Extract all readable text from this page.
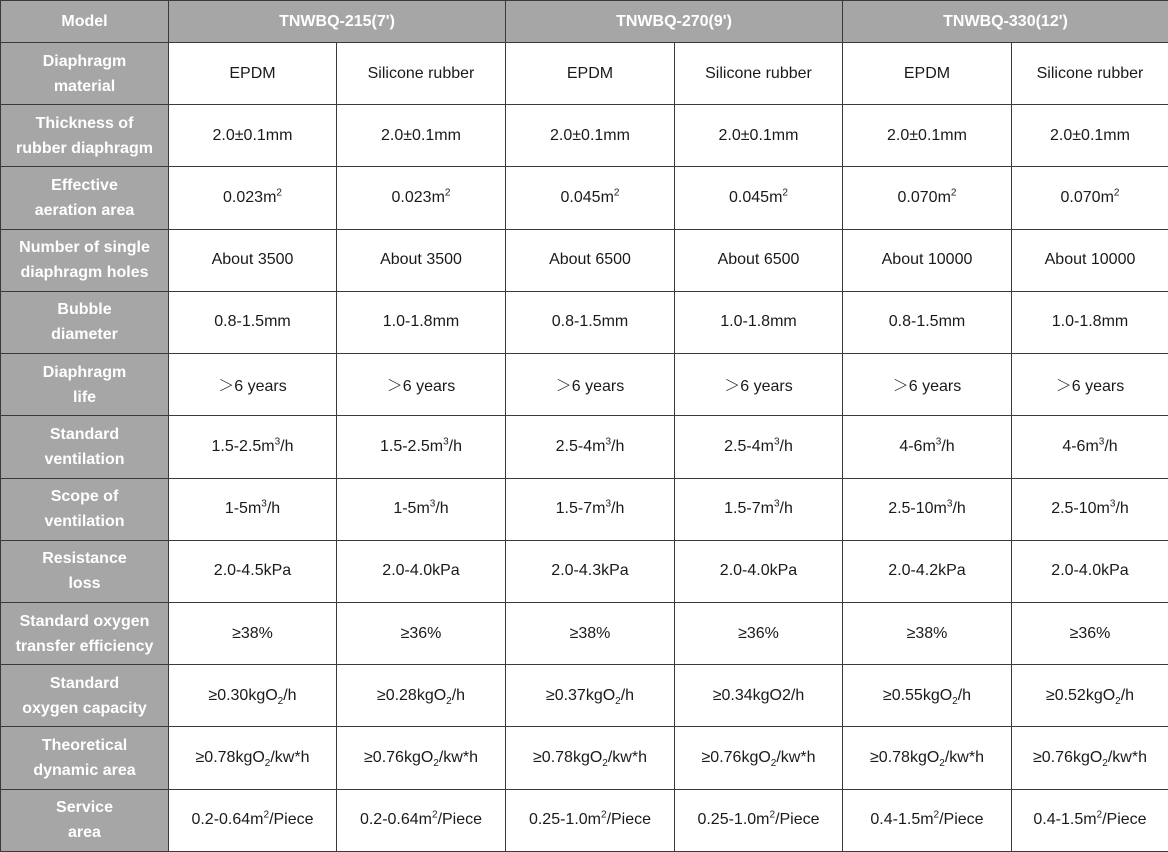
Model	TNWBQ-215(7')		TNWBQ-270(9')		TNWBQ-330(12')	

Diaphragm
material	EPDM	Silicone rubber	EPDM	Silicone rubber	EPDM	Silicone rubber

Thickness of
rubber diaphragm	2.0±0.1mm	2.0±0.1mm	2.0±0.1mm	2.0±0.1mm	2.0±0.1mm	2.0±0.1mm

Effective
aeration area	$0.023m^2$	$0.023m^2$	$0.045m^2$	$0.045m^2$	$0.070m^2$	$0.070m^2$

Number of single
diaphragm holes	About 3500	About 3500	About 6500	About 6500	About 10000	About 10000

Bubble
diameter	0.8-1.5mm	1.0-1.8mm	0.8-1.5mm	1.0-1.8mm	0.8-1.5mm	1.0-1.8mm

Diaphragm
life	＞6 years	＞6 years	＞6 years	＞6 years	＞6 years	＞6 years

Standard
ventilation	$1.5-2.5m^3/h$	$1.5-2.5m^3/h$	$2.5-4m^3/h$	$2.5-4m^3/h$	$4-6m^3/h$	$4-6m^3/h$

Scope of
ventilation	$1-5m^3/h$	$1-5m^3/h$	$1.5-7m^3/h$	$1.5-7m^3/h$	$2.5-10m^3/h$	$2.5-10m^3/h$

Resistance
loss	2.0-4.5kPa	2.0-4.0kPa	2.0-4.3kPa	2.0-4.0kPa	2.0-4.2kPa	2.0-4.0kPa

Standard oxygen
transfer efficiency	≥38%	≥36%	≥38%	≥36%	≥38%	≥36%

Standard
oxygen capacity	≥0.30kgO$_2$/h	≥0.28kgO$_2$/h	≥0.37kgO$_2$/h	≥0.34kgO2/h	≥0.55kgO$_2$/h	≥0.52kgO$_2$/h

Theoretical
dynamic area	≥0.78kgO$_2$/kw*h	≥0.76kgO$_2$/kw*h	≥0.78kgO$_2$/kw*h	≥0.76kgO$_2$/kw*h	≥0.78kgO$_2$/kw*h	≥0.76kgO$_2$/kw*h

Service
area	$0.2-0.64m^2$/Piece	$0.2-0.64m^2$/Piece	$0.25-1.0m^2$/Piece	$0.25-1.0m^2$/Piece	$0.4-1.5m^2$/Piece	$0.4-1.5m^2$/Piece
